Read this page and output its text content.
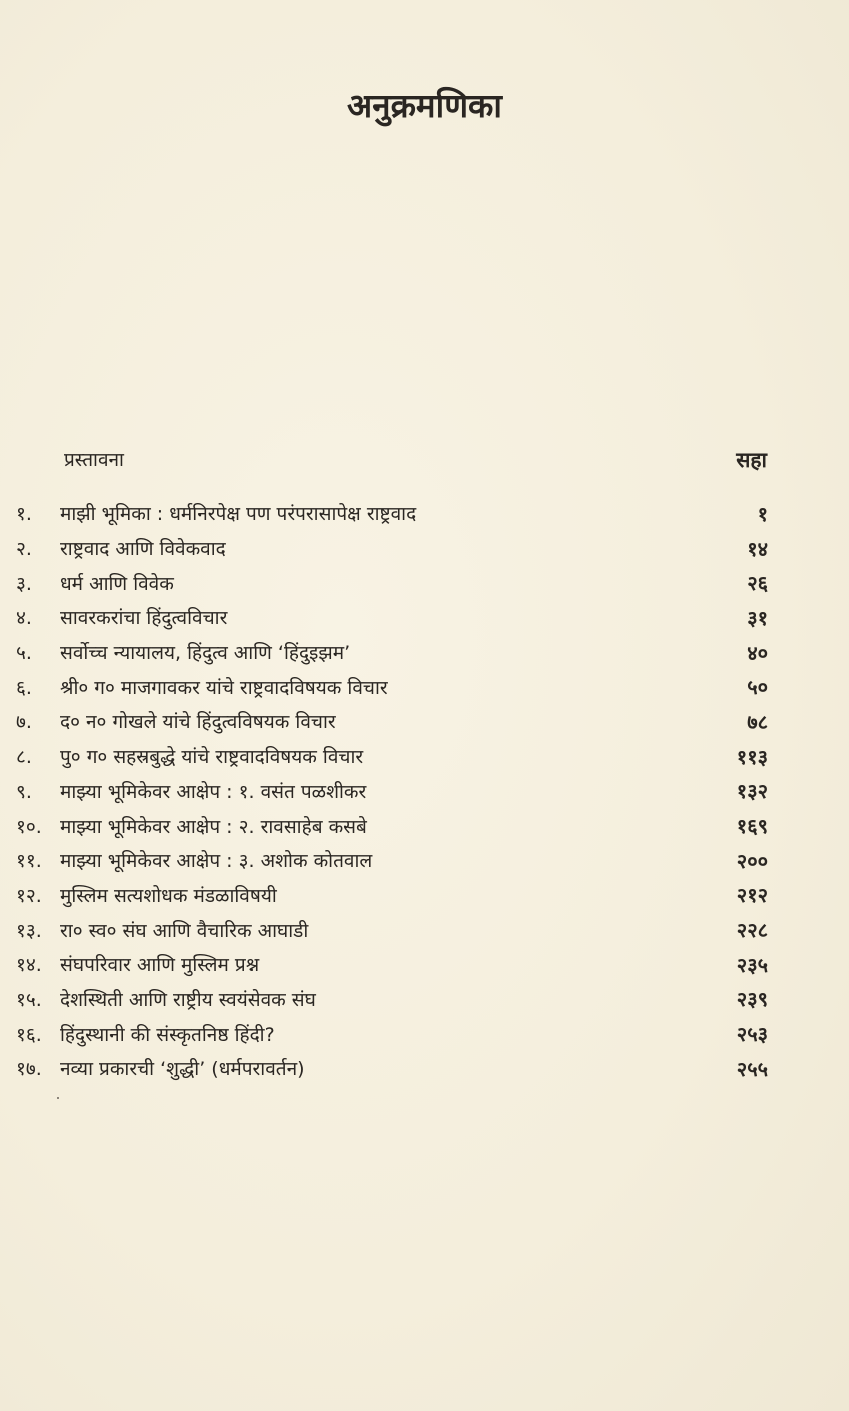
अनुक्रमणिका
प्रस्तावना	सहा
१.	माझी भूमिका : धर्मनिरपेक्ष पण परंपरासापेक्ष राष्ट्रवाद	१
२.	राष्ट्रवाद आणि विवेकवाद	१४
३.	धर्म आणि विवेक	२६
४.	सावरकरांचा हिंदुत्वविचार	३१
५.	सर्वोच्च न्यायालय, हिंदुत्व आणि ‘हिंदुइझम’	४०
६.	श्री० ग० माजगावकर यांचे राष्ट्रवादविषयक विचार	५०
७.	द० न० गोखले यांचे हिंदुत्वविषयक विचार	७८
८.	पु० ग० सहस्रबुद्धे यांचे राष्ट्रवादविषयक विचार	११३
९.	माझ्या भूमिकेवर आक्षेप : १. वसंत पळशीकर	१३२
१०. माझ्या भूमिकेवर आक्षेप : २. रावसाहेब कसबे	१६९
११. माझ्या भूमिकेवर आक्षेप : ३. अशोक कोतवाल	२००
१२. मुस्लिम सत्यशोधक मंडळाविषयी	२१२
१३. रा० स्व० संघ आणि वैचारिक आघाडी	२२८
१४. संघपरिवार आणि मुस्लिम प्रश्न	२३५
१५. देशस्थिती आणि राष्ट्रीय स्वयंसेवक संघ	२३९
१६. हिंदुस्थानी की संस्कृतनिष्ठ हिंदी?	२५३
१७. नव्या प्रकारची ‘शुद्धी’ (धर्मपरावर्तन)	२५५
